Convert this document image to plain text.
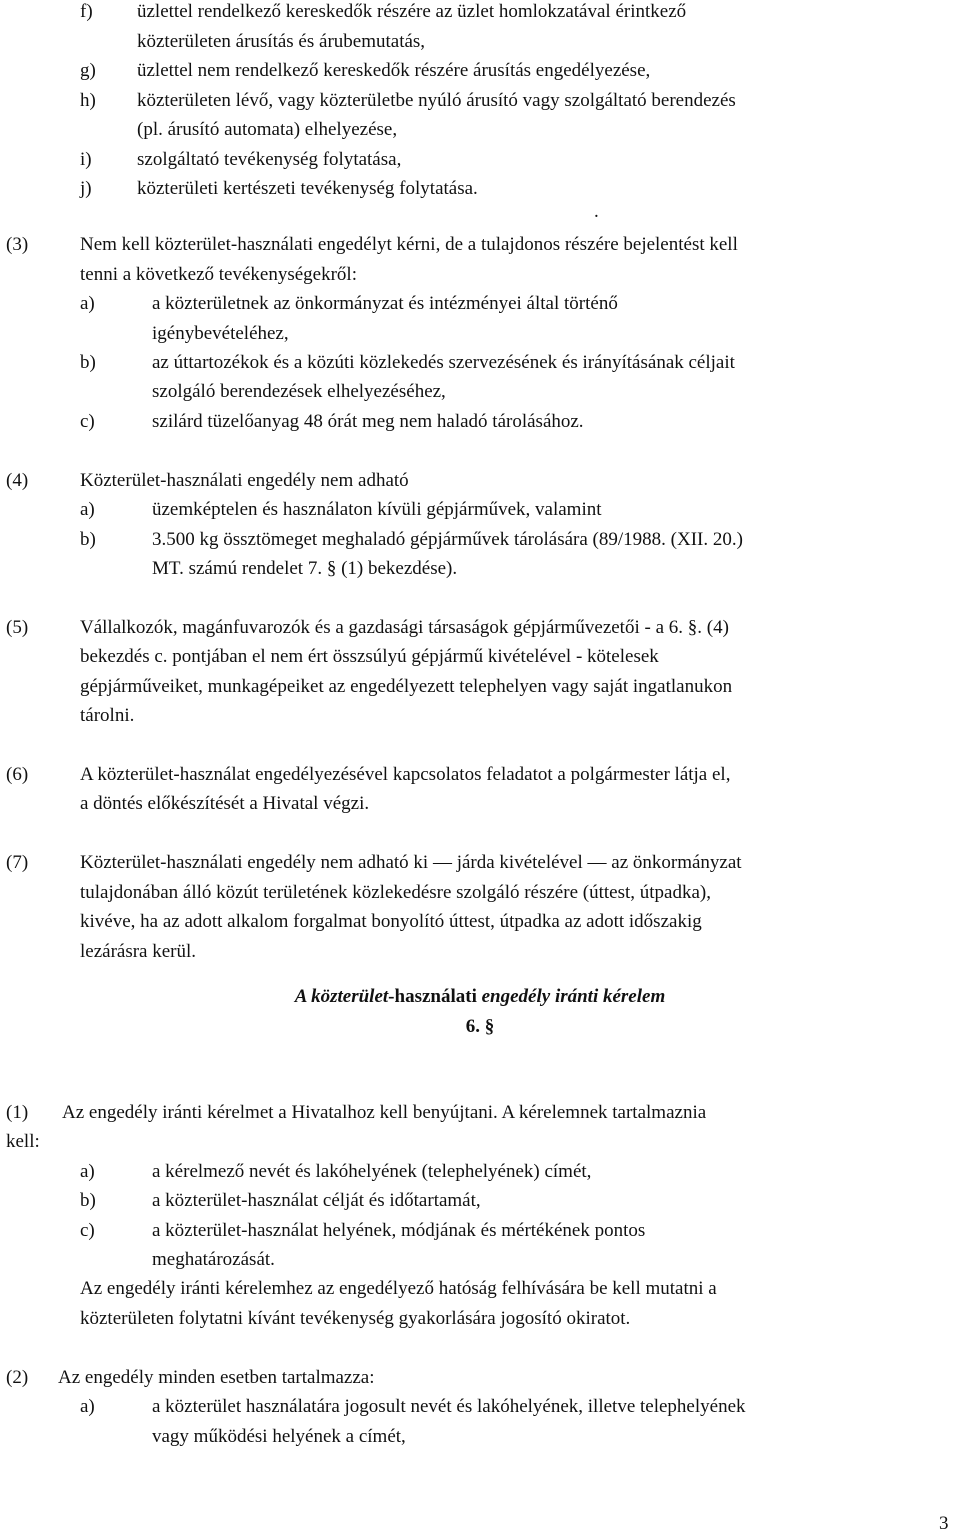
f) üzlettel rendelkező kereskedők részére az üzlet homlokzatával érintkező
közterületen árusítás és árubemutatás,
g) üzlettel nem rendelkező kereskedők részére árusítás engedélyezése,
h) közterületen lévő, vagy közterületbe nyúló árusító vagy szolgáltató berendezés
(pl. árusító automata) elhelyezése,
i) szolgáltató tevékenység folytatása,
j) közterületi kertészeti tevékenység folytatása.
.
(3)	Nem kell közterület-használati engedélyt kérni, de a tulajdonos részére bejelentést kell
tenni a következő tevékenységekről:
a)	a közterületnek az önkormányzat és intézményei által történő
igénybevételéhez,
b)	az úttartozékok és a közúti közlekedés szervezésének és irányításának céljait
szolgáló berendezések elhelyezéséhez,
c)	szilárd tüzelőanyag 48 órát meg nem haladó tárolásához.
(4)	Közterület-használati engedély nem adható
a)	üzemképtelen és használaton kívüli gépjárművek, valamint
b)	3.500 kg össztömeget meghaladó gépjárművek tárolására (89/1988. (XII. 20.)
MT. számú rendelet 7. § (1) bekezdése).
(5)	Vállalkozók, magánfuvarozók és a gazdasági társaságok gépjárművezetői - a 6. §. (4)
bekezdés c. pontjában el nem ért összsúlyú gépjármű kivételével - kötelesek
gépjárműveiket, munkagépeiket az engedélyezett telephelyen vagy saját ingatlanukon
tárolni.
(6)	A közterület-használat engedélyezésével kapcsolatos feladatot a polgármester látja el,
a döntés előkészítését a Hivatal végzi.
(7)	Közterület-használati engedély nem adható ki — járda kivételével — az önkormányzat
tulajdonában álló közút területének közlekedésre szolgáló részére (úttest, útpadka),
kivéve, ha az adott alkalom forgalmat bonyolító úttest, útpadka az adott időszakig
lezárásra kerül.
A közterület-használati engedély iránti kérelem
6. §
(1) Az engedély iránti kérelmet a Hivatalhoz kell benyújtani. A kérelemnek tartalmaznia
kell:
a)	a kérelmező nevét és lakóhelyének (telephelyének) címét,
b)	a közterület-használat célját és időtartamát,
c)	a közterület-használat helyének, módjának és mértékének pontos
meghatározását.
Az engedély iránti kérelemhez az engedélyező hatóság felhívására be kell mutatni a
közterületen folytatni kívánt tevékenység gyakorlására jogosító okiratot.
(2) Az engedély minden esetben tartalmazza:
a)	a közterület használatára jogosult nevét és lakóhelyének, illetve telephelyének
vagy működési helyének a címét,
3
